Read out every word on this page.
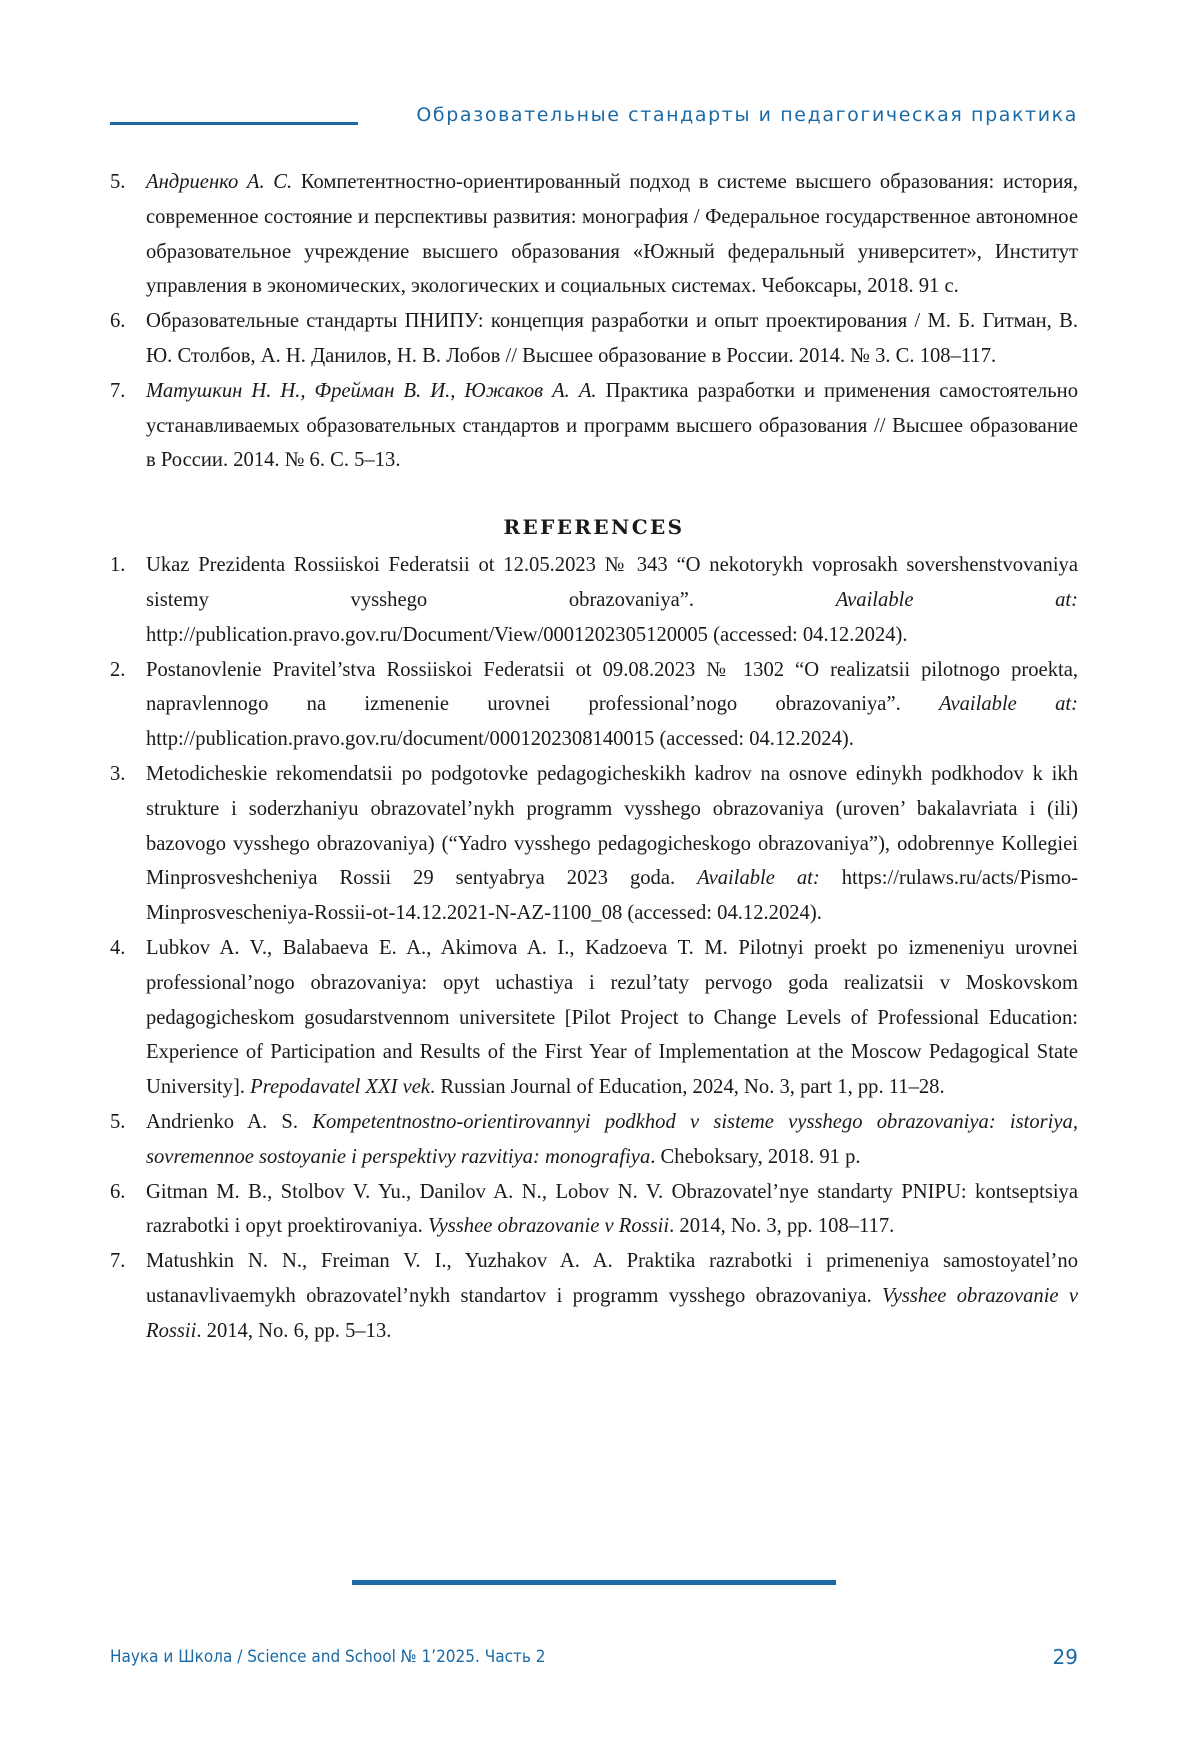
Образовательные стандарты и педагогическая практика
5. Андриенко А. С. Компетентностно-ориентированный подход в системе высшего образования: история, современное состояние и перспективы развития: монография / Федеральное государственное автономное образовательное учреждение высшего образования «Южный федеральный университет», Институт управления в экономических, экологических и социальных системах. Чебоксары, 2018. 91 с.
6. Образовательные стандарты ПНИПУ: концепция разработки и опыт проектирования / М. Б. Гитман, В. Ю. Столбов, А. Н. Данилов, Н. В. Лобов // Высшее образование в России. 2014. № 3. С. 108–117.
7. Матушкин Н. Н., Фрейман В. И., Южаков А. А. Практика разработки и применения самостоятельно устанавливаемых образовательных стандартов и программ высшего образования // Высшее образование в России. 2014. № 6. С. 5–13.
REFERENCES
1. Ukaz Prezidenta Rossiiskoi Federatsii ot 12.05.2023 № 343 “O nekotorykh voprosakh sovershenstvovaniya sistemy vysshego obrazovaniya”. Available at: http://publication.pravo.gov.ru/Document/View/0001202305120005 (accessed: 04.12.2024).
2. Postanovlenie Pravitel’stva Rossiiskoi Federatsii ot 09.08.2023 № 1302 “O realizatsii pilotnogo proekta, napravlennogo na izmenenie urovnei professional’nogo obrazovaniya”. Available at: http://publication.pravo.gov.ru/document/0001202308140015 (accessed: 04.12.2024).
3. Metodicheskie rekomendatsii po podgotovke pedagogicheskikh kadrov na osnove edinykh podkhodov k ikh strukture i soderzhaniyu obrazovatel’nykh programm vysshego obrazovaniya (uroven’ bakalavriata i (ili) bazovogo vysshego obrazovaniya) (“Yadro vysshego pedagogicheskogo obrazovaniya”), odobrennye Kollegiei Minprosveshcheniya Rossii 29 sentyabrya 2023 goda. Available at: https://rulaws.ru/acts/Pismo-Minprosvescheniya-Rossii-ot-14.12.2021-N-AZ-1100_08 (accessed: 04.12.2024).
4. Lubkov A. V., Balabaeva E. A., Akimova A. I., Kadzoeva T. M. Pilotnyi proekt po izmeneniyu urovnei professional’nogo obrazovaniya: opyt uchastiya i rezul’taty pervogo goda realizatsii v Moskovskom pedagogicheskom gosudarstvennom universitete [Pilot Project to Change Levels of Professional Education: Experience of Participation and Results of the First Year of Implementation at the Moscow Pedagogical State University]. Prepodavatel XXI vek. Russian Journal of Education, 2024, No. 3, part 1, pp. 11–28.
5. Andrienko A. S. Kompetentnostno-orientirovannyi podkhod v sisteme vysshego obrazovaniya: istoriya, sovremennoe sostoyanie i perspektivy razvitiya: monografiya. Cheboksary, 2018. 91 p.
6. Gitman M. B., Stolbov V. Yu., Danilov A. N., Lobov N. V. Obrazovatel’nye standarty PNIPU: kontseptsiya razrabotki i opyt proektirovaniya. Vysshee obrazovanie v Rossii. 2014, No. 3, pp. 108–117.
7. Matushkin N. N., Freiman V. I., Yuzhakov A. A. Praktika razrabotki i primeneniya samostoyatel’no ustanavlivaemykh obrazovatel’nykh standartov i programm vysshego obrazovaniya. Vysshee obrazovanie v Rossii. 2014, No. 6, pp. 5–13.
Наука и Школа / Science and School № 1’2025. Часть 2	29
